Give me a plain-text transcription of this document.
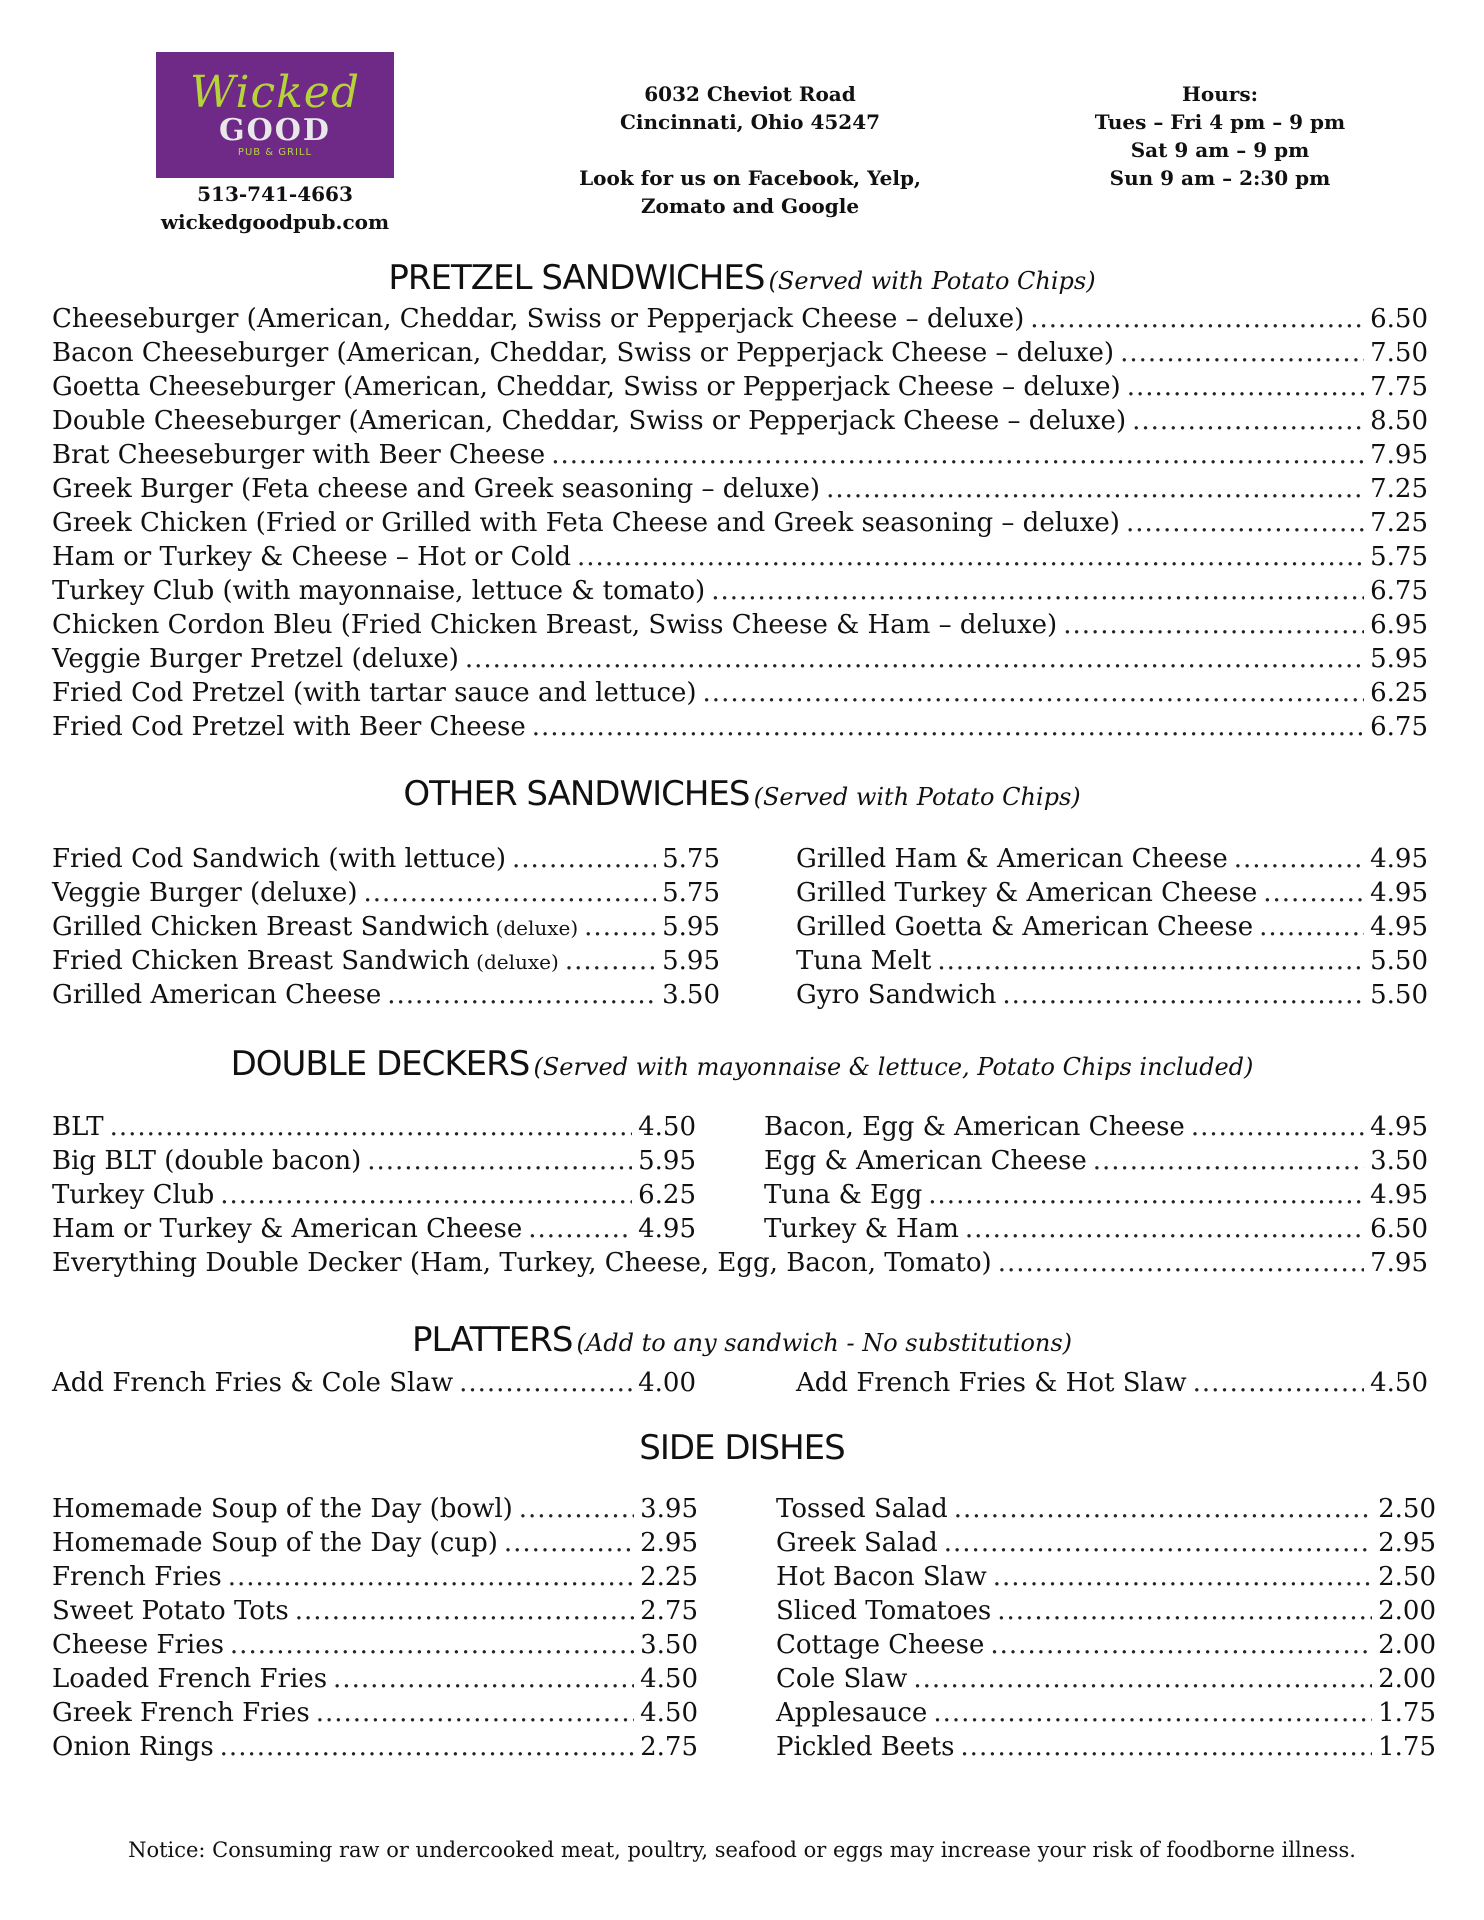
Wicked
GOOD
PUB & GRILL
513-741-4663
wickedgoodpub.com
6032 Cheviot Road
Cincinnati, Ohio 45247
Look for us on Facebook, Yelp,
Zomato and Google
Hours:
Tues – Fri 4 pm – 9 pm
Sat 9 am – 9 pm
Sun 9 am – 2:30 pm
PRETZEL SANDWICHES (Served with Potato Chips)
Cheeseburger (American, Cheddar, Swiss or Pepperjack Cheese – deluxe) .....	6.50
Bacon Cheeseburger (American, Cheddar, Swiss or Pepperjack Cheese – deluxe) .....	7.50
Goetta Cheeseburger (American, Cheddar, Swiss or Pepperjack Cheese – deluxe) .....	7.75
Double Cheeseburger (American, Cheddar, Swiss or Pepperjack Cheese – deluxe) .....	8.50
Brat Cheeseburger with Beer Cheese .....	7.95
Greek Burger (Feta cheese and Greek seasoning – deluxe) .....	7.25
Greek Chicken (Fried or Grilled with Feta Cheese and Greek seasoning – deluxe) .....	7.25
Ham or Turkey & Cheese – Hot or Cold .....	5.75
Turkey Club (with mayonnaise, lettuce & tomato) .....	6.75
Chicken Cordon Bleu (Fried Chicken Breast, Swiss Cheese & Ham – deluxe) .....	6.95
Veggie Burger Pretzel (deluxe) .....	5.95
Fried Cod Pretzel (with tartar sauce and lettuce) .....	6.25
Fried Cod Pretzel with Beer Cheese .....	6.75
OTHER SANDWICHES (Served with Potato Chips)
Fried Cod Sandwich (with lettuce) .....	5.75
Veggie Burger (deluxe) .....	5.75
Grilled Chicken Breast Sandwich (deluxe) .....	5.95
Fried Chicken Breast Sandwich (deluxe) .....	5.95
Grilled American Cheese .....	3.50
Grilled Ham & American Cheese .....	4.95
Grilled Turkey & American Cheese .....	4.95
Grilled Goetta & American Cheese .....	4.95
Tuna Melt .....	5.50
Gyro Sandwich .....	5.50
DOUBLE DECKERS (Served with mayonnaise & lettuce, Potato Chips included)
BLT .....	4.50
Big BLT (double bacon) .....	5.95
Turkey Club .....	6.25
Ham or Turkey & American Cheese .....	4.95
Bacon, Egg & American Cheese .....	4.95
Egg & American Cheese .....	3.50
Tuna & Egg .....	4.95
Turkey & Ham .....	6.50
Everything Double Decker (Ham, Turkey, Cheese, Egg, Bacon, Tomato) .....	7.95
PLATTERS (Add to any sandwich - No substitutions)
Add French Fries & Cole Slaw .....	4.00	Add French Fries & Hot Slaw .....	4.50
SIDE DISHES
Homemade Soup of the Day (bowl) .....	3.95
Homemade Soup of the Day (cup) .....	2.95
French Fries .....	2.25
Sweet Potato Tots .....	2.75
Cheese Fries .....	3.50
Loaded French Fries .....	4.50
Greek French Fries .....	4.50
Onion Rings .....	2.75
Tossed Salad .....	2.50
Greek Salad .....	2.95
Hot Bacon Slaw .....	2.50
Sliced Tomatoes .....	2.00
Cottage Cheese .....	2.00
Cole Slaw .....	2.00
Applesauce .....	1.75
Pickled Beets .....	1.75
Notice: Consuming raw or undercooked meat, poultry, seafood or eggs may increase your risk of foodborne illness.
